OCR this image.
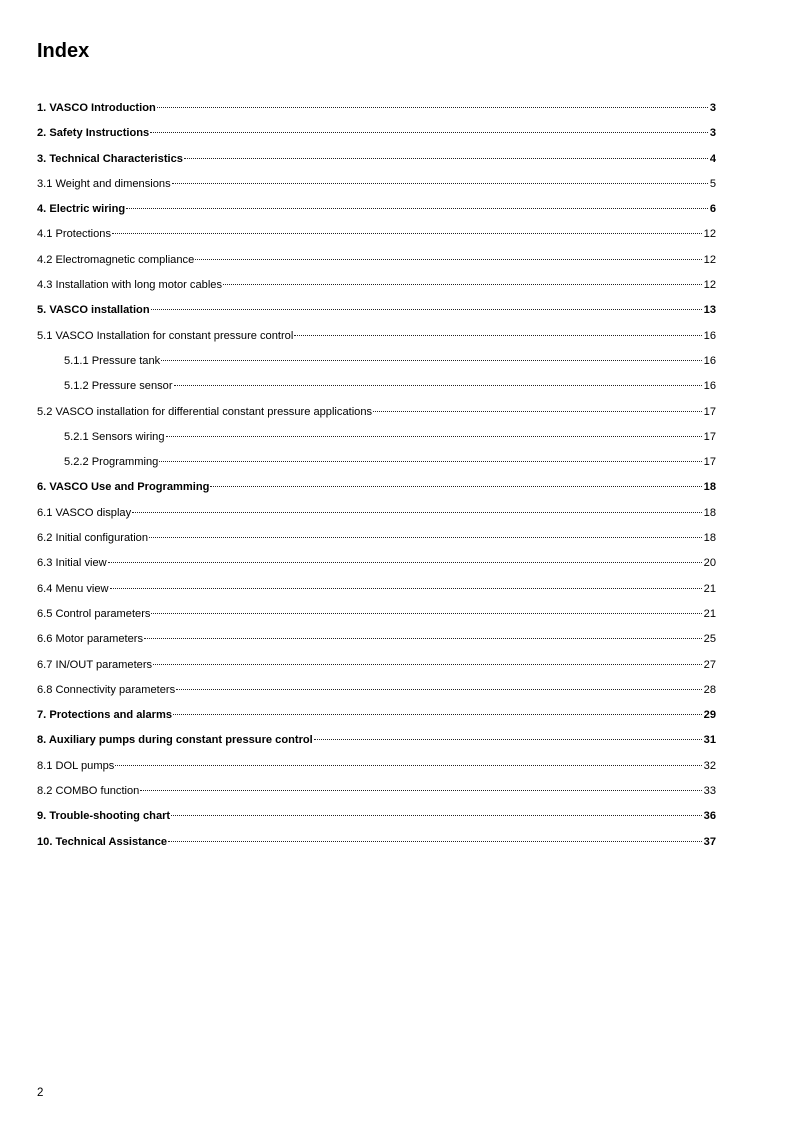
Index
1. VASCO Introduction	3
2. Safety Instructions	3
3. Technical Characteristics	4
3.1 Weight and dimensions	5
4. Electric wiring	6
4.1 Protections	12
4.2 Electromagnetic compliance	12
4.3 Installation with long motor cables	12
5. VASCO installation	13
5.1 VASCO Installation for constant pressure control	16
5.1.1 Pressure tank	16
5.1.2 Pressure sensor	16
5.2 VASCO installation for differential constant pressure applications	17
5.2.1 Sensors wiring	17
5.2.2 Programming	17
6. VASCO Use and Programming	18
6.1 VASCO display	18
6.2 Initial configuration	18
6.3 Initial view	20
6.4 Menu view	21
6.5 Control parameters	21
6.6 Motor parameters	25
6.7 IN/OUT parameters	27
6.8 Connectivity parameters	28
7. Protections and alarms	29
8. Auxiliary pumps during constant pressure control	31
8.1 DOL pumps	32
8.2 COMBO function	33
9. Trouble-shooting chart	36
10. Technical Assistance	37
2
